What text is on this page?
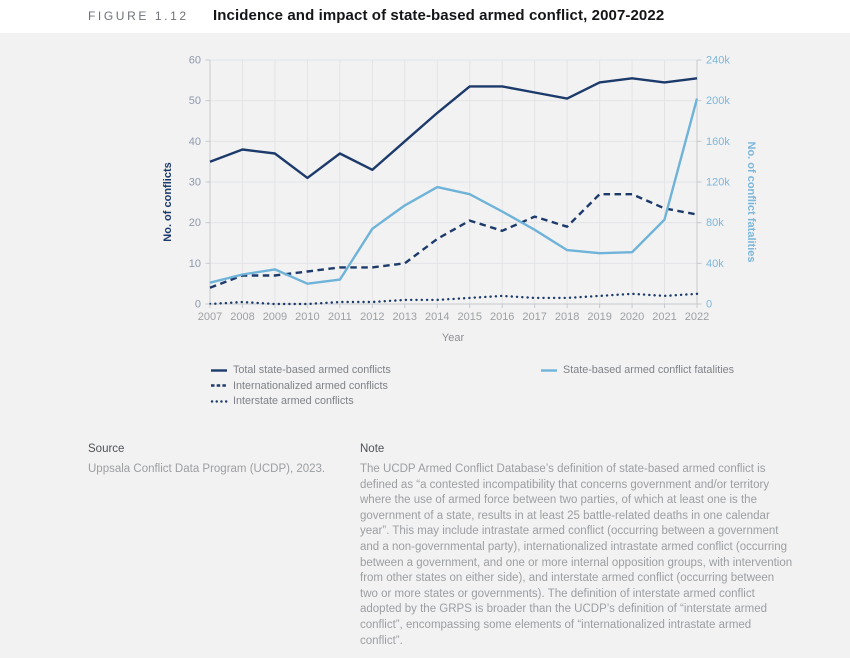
FIGURE 1.12 Incidence and impact of state-based armed conflict, 2007-2022
0
10
20
30
40
50
60
0
40k
80k
120k
160k
200k
240k
2007 2008 2009 2010 2011 2012 2013 2014 2015 2016 2017 2018 2019 2020 2021 2022
No. of conflicts	No. of conflict fatalities
Year
Total state-based armed conflicts
Internationalized armed conflicts
Interstate armed conflicts
State-based armed conflict fatalities

Source

Uppsala Conflict Data Program (UCDP), 2023.

Note

The UCDP Armed Conflict Database’s definition of state-based armed conflict is defined as “a contested incompatibility that concerns government and/or territory where the use of armed force between two parties, of which at least one is the government of a state, results in at least 25 battle-related deaths in one calendar year”. This may include intrastate armed conflict (occurring between a government and a non-governmental party), internationalized intrastate armed conflict (occurring between a government, and one or more internal opposition groups, with intervention from other states on either side), and interstate armed conflict (occurring between two or more states or governments). The definition of interstate armed conflict adopted by the GRPS is broader than the UCDP’s definition of “interstate armed conflict”, encompassing some elements of “internationalized intrastate armed conflict”.
